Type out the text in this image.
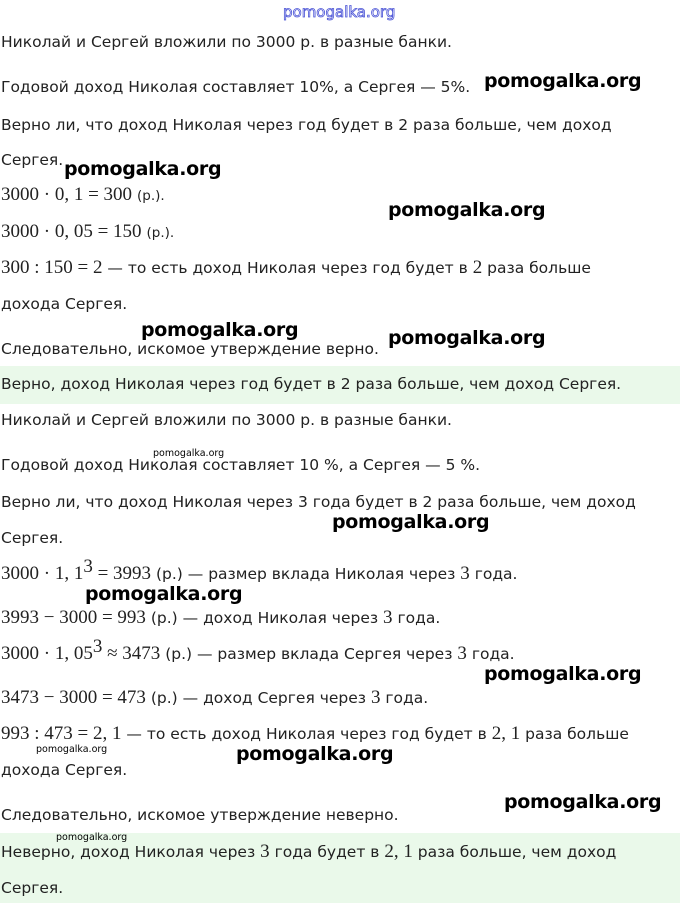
Николай и Сергей вложили по 3000 р. в разные банки.
Годовой доход Николая составляет 10%, а Сергея — 5%.
Верно ли, что доход Николая через год будет в 2 раза больше, чем доход
Сергея.
3000 · 0, 1 = 300 (р.).
3000 · 0, 05 = 150 (р.).
300 : 150 = 2 — то есть доход Николая через год будет в 2 раза больше
дохода Сергея.
Следовательно, искомое утверждение верно.
Верно, доход Николая через год будет в 2 раза больше, чем доход Сергея.
Николай и Сергей вложили по 3000 р. в разные банки.
Годовой доход Николая составляет 10 %, а Сергея — 5 %.
Верно ли, что доход Николая через 3 года будет в 2 раза больше, чем доход
Сергея.
3000 · 1, $1^3 = 3993$ (р.) — размер вклада Николая через 3 года.
3993 − 3000 = 993 (р.) — доход Николая через 3 года.
3000 · 1, $05^3 \approx 3473$ (р.) — размер вклада Сергея через 3 года.
3473 − 3000 = 473 (р.) — доход Сергея через 3 года.
993 : 473 = 2, 1 — то есть доход Николая через год будет в 2, 1 раза больше
дохода Сергея.
Следовательно, искомое утверждение неверно.
Неверно, доход Николая через 3 года будет в 2, 1 раза больше, чем доход
Сергея.
pomogalka.org
pomogalka.org
pomogalka.org
pomogalka.org
pomogalka.org	pomogalka.org
pomogalka.org
pomogalka.org
pomogalka.org
pomogalka.org
pomogalka.org	pomogalka.org
pomogalka.org
pomogalka.org
